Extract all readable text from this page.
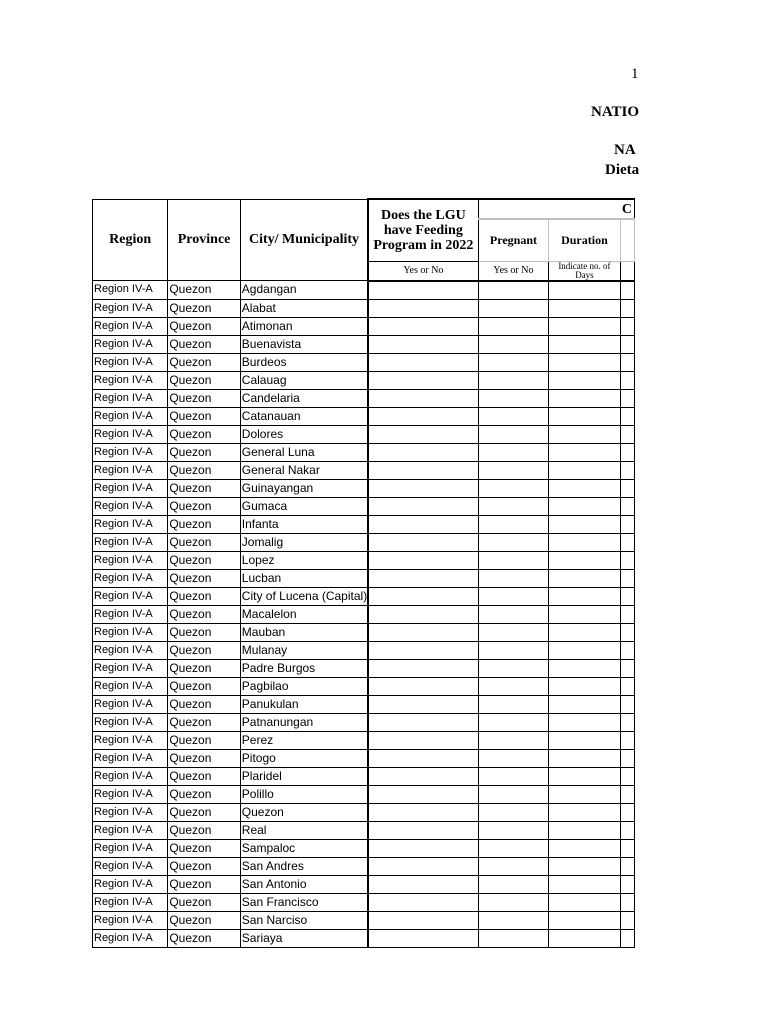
1
NATIO
NA
Dieta
Region	Province	City/ Municipality	Does the LGU have Feeding Program in 2022	C		
				Pregnant	Duration	
			Yes or No	Yes or No	Indicate no. of Days	
Region IV-A	Quezon	Agdangan				
Region IV-A	Quezon	Alabat				
Region IV-A	Quezon	Atimonan				
Region IV-A	Quezon	Buenavista				
Region IV-A	Quezon	Burdeos				
Region IV-A	Quezon	Calauag				
Region IV-A	Quezon	Candelaria				
Region IV-A	Quezon	Catanauan				
Region IV-A	Quezon	Dolores				
Region IV-A	Quezon	General Luna				
Region IV-A	Quezon	General Nakar				
Region IV-A	Quezon	Guinayangan				
Region IV-A	Quezon	Gumaca				
Region IV-A	Quezon	Infanta				
Region IV-A	Quezon	Jomalig				
Region IV-A	Quezon	Lopez				
Region IV-A	Quezon	Lucban				
Region IV-A	Quezon	City of Lucena (Capital)				
Region IV-A	Quezon	Macalelon				
Region IV-A	Quezon	Mauban				
Region IV-A	Quezon	Mulanay				
Region IV-A	Quezon	Padre Burgos				
Region IV-A	Quezon	Pagbilao				
Region IV-A	Quezon	Panukulan				
Region IV-A	Quezon	Patnanungan				
Region IV-A	Quezon	Perez				
Region IV-A	Quezon	Pitogo				
Region IV-A	Quezon	Plaridel				
Region IV-A	Quezon	Polillo				
Region IV-A	Quezon	Quezon				
Region IV-A	Quezon	Real				
Region IV-A	Quezon	Sampaloc				
Region IV-A	Quezon	San Andres				
Region IV-A	Quezon	San Antonio				
Region IV-A	Quezon	San Francisco				
Region IV-A	Quezon	San Narciso				
Region IV-A	Quezon	Sariaya				
